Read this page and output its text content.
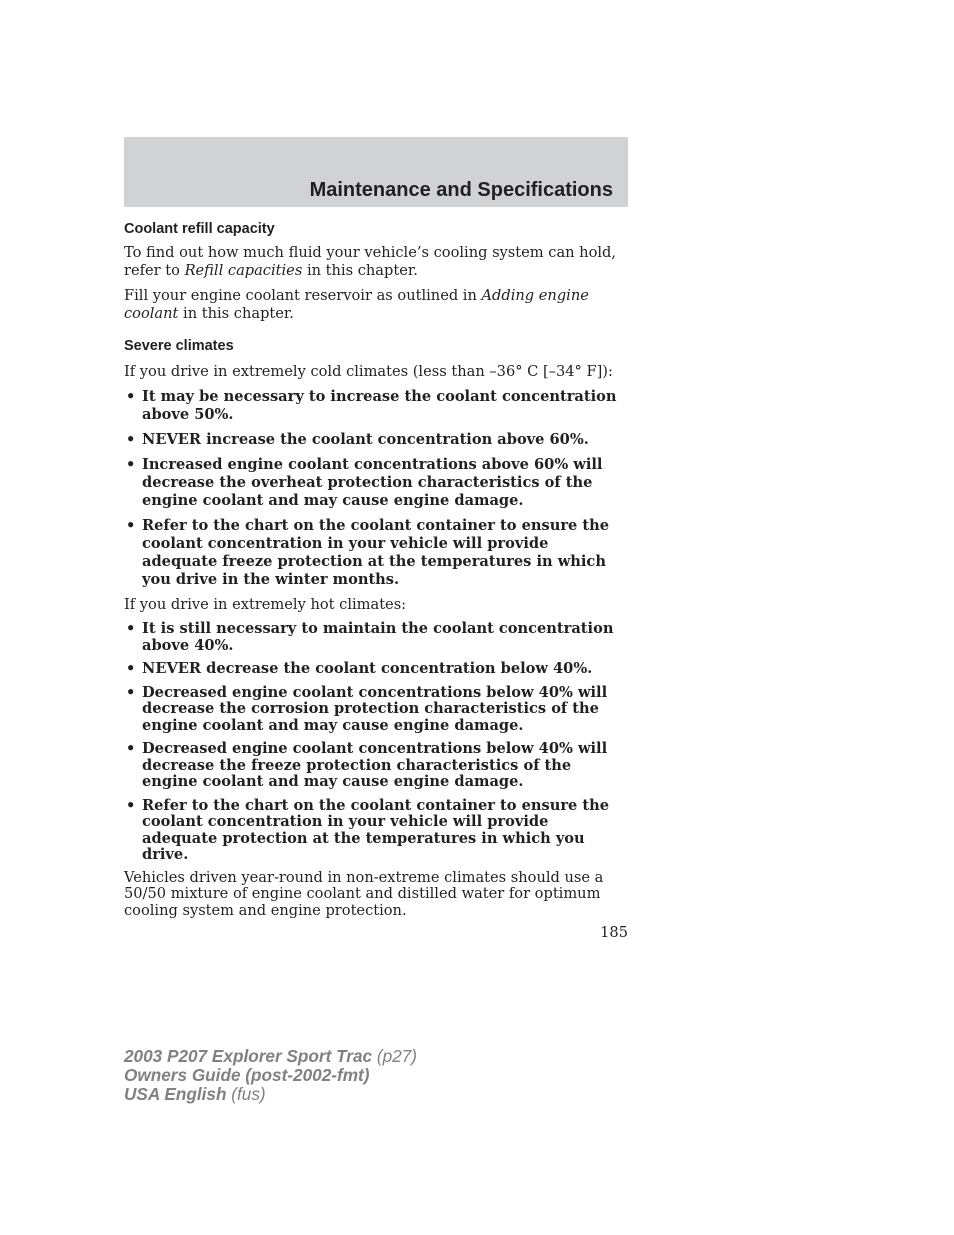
Maintenance and Specifications
Coolant refill capacity

To find out how much fluid your vehicle’s cooling system can hold, refer to Refill capacities in this chapter.

Fill your engine coolant reservoir as outlined in Adding engine coolant in this chapter.

Severe climates

If you drive in extremely cold climates (less than –36° C [–34° F]):

• It may be necessary to increase the coolant concentration above 50%.
• NEVER increase the coolant concentration above 60%.
• Increased engine coolant concentrations above 60% will decrease the overheat protection characteristics of the engine coolant and may cause engine damage.
• Refer to the chart on the coolant container to ensure the coolant concentration in your vehicle will provide adequate freeze protection at the temperatures in which you drive in the winter months.

If you drive in extremely hot climates:

• It is still necessary to maintain the coolant concentration above 40%.
• NEVER decrease the coolant concentration below 40%.
• Decreased engine coolant concentrations below 40% will decrease the corrosion protection characteristics of the engine coolant and may cause engine damage.
• Decreased engine coolant concentrations below 40% will decrease the freeze protection characteristics of the engine coolant and may cause engine damage.
• Refer to the chart on the coolant container to ensure the coolant concentration in your vehicle will provide adequate protection at the temperatures in which you drive.

Vehicles driven year-round in non-extreme climates should use a 50/50 mixture of engine coolant and distilled water for optimum cooling system and engine protection.

185
2003 P207 Explorer Sport Trac (p27)
Owners Guide (post-2002-fmt)
USA English (fus)
